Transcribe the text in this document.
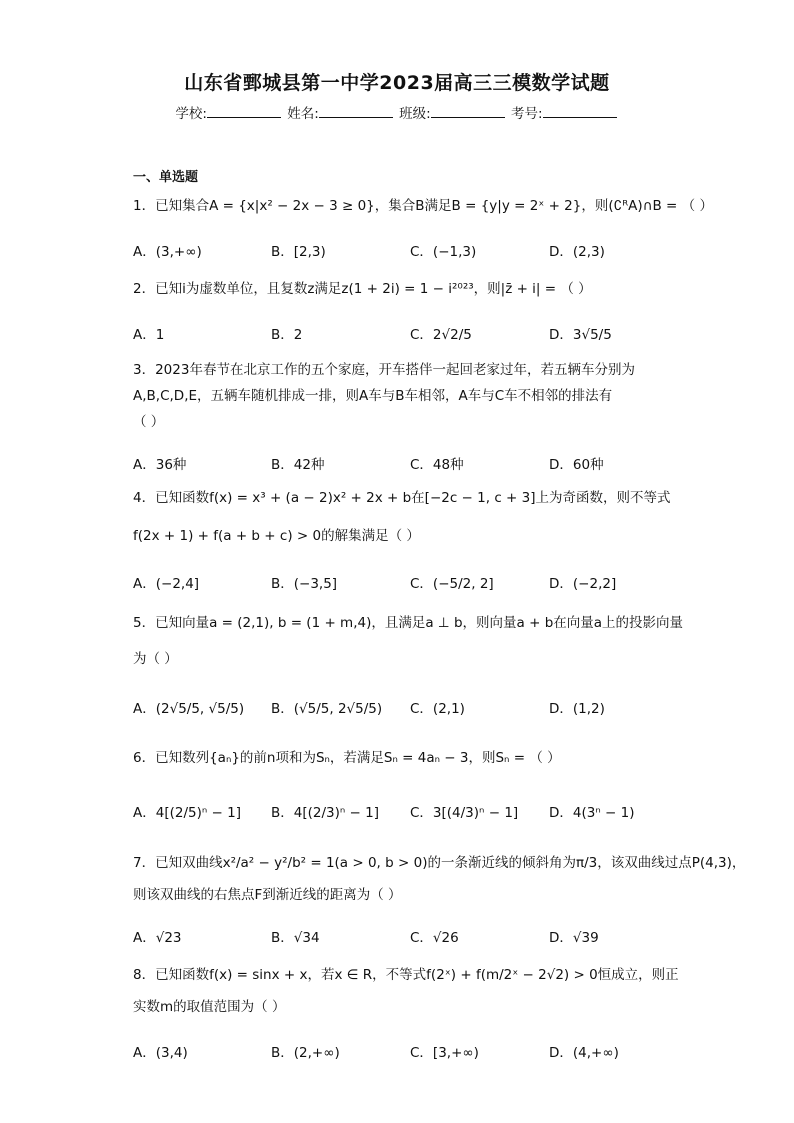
山东省鄄城县第一中学2023届高三三模数学试题
学校:	姓名:	班级:	考号:
一、单选题
1．已知集合A = {x|x² − 2x − 3 ≥ 0}，集合B满足B = {y|y = 2ˣ + 2}，则(∁ᴿA)∩B = （ ）
A．(3,+∞)	B．[2,3)	C．(−1,3)	D．(2,3)
2．已知i为虚数单位，且复数z满足z(1 + 2i) = 1 − i²⁰²³，则|z̄ + i| = （ ）
A．1	B．2	C．2√2/5	D．3√5/5
3．2023年春节在北京工作的五个家庭，开车搭伴一起回老家过年，若五辆车分别为
A,B,C,D,E，五辆车随机排成一排，则A车与B车相邻，A车与C车不相邻的排法有
（ ）
A．36种	B．42种	C．48种	D．60种
4．已知函数f(x) = x³ + (a − 2)x² + 2x + b在[−2c − 1, c + 3]上为奇函数，则不等式
f(2x + 1) + f(a + b + c) > 0的解集满足（ ）
A．(−2,4]	B．(−3,5]	C．(−5/2, 2]	D．(−2,2]
5．已知向量a = (2,1), b = (1 + m,4)，且满足a ⊥ b，则向量a + b在向量a上的投影向量
为（ ）
A．(2√5/5, √5/5) B．(√5/5, 2√5/5) C．(2,1)	D．(1,2)
6．已知数列{aₙ}的前n项和为Sₙ，若满足Sₙ = 4aₙ − 3，则Sₙ = （ ）
A．4[(2/5)ⁿ − 1] B．4[(2/3)ⁿ − 1] C．3[(4/3)ⁿ − 1] D．4(3ⁿ − 1)
7．已知双曲线x²/a² − y²/b² = 1(a > 0, b > 0)的一条渐近线的倾斜角为π/3，该双曲线过点P(4,3)，
则该双曲线的右焦点F到渐近线的距离为（ ）
A．√23	B．√34	C．√26	D．√39
8．已知函数f(x) = sinx + x，若x ∈ R，不等式f(2ˣ) + f(m/2ˣ − 2√2) > 0恒成立，则正
实数m的取值范围为（ ）
A．(3,4)	B．(2,+∞)	C．[3,+∞)	D．(4,+∞)
